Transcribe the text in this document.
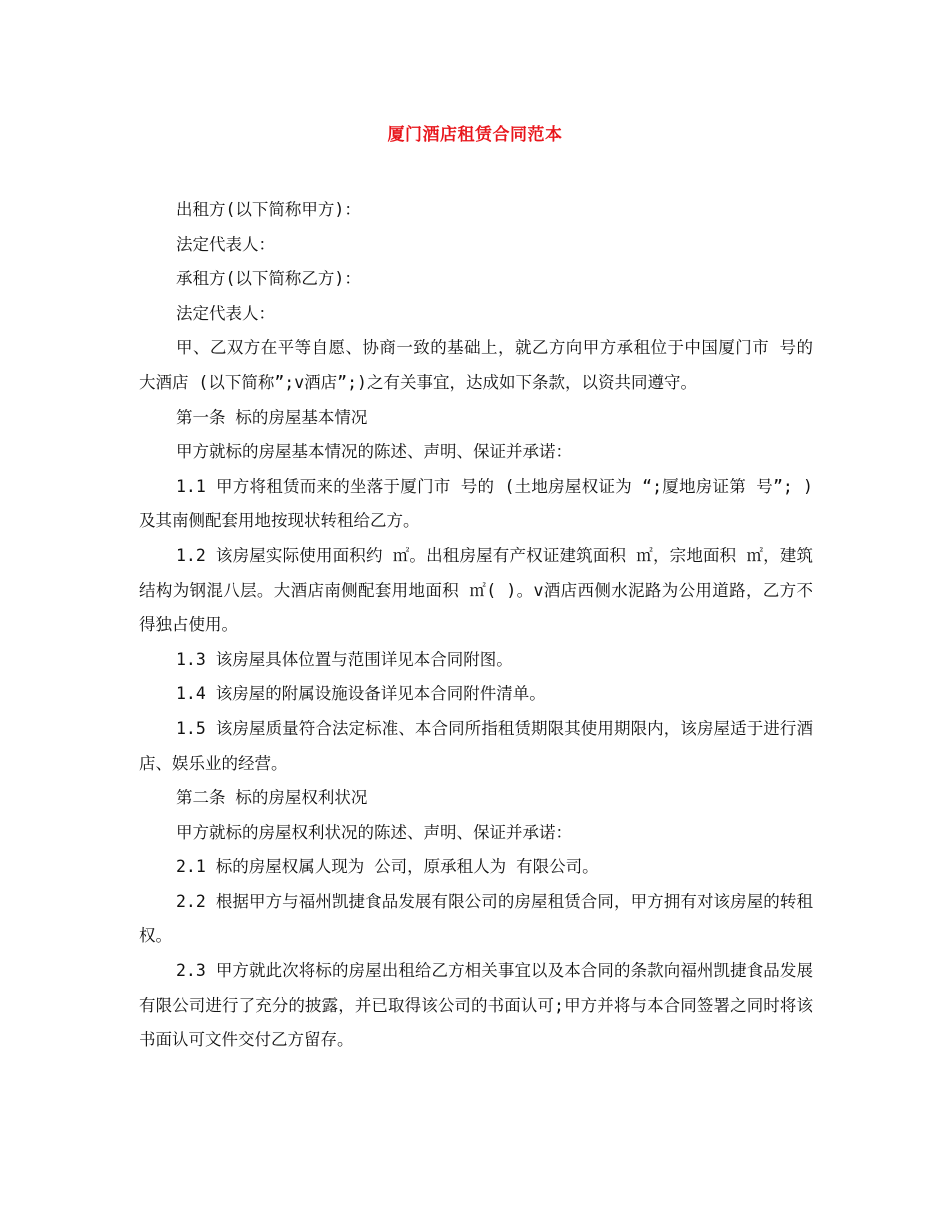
厦门酒店租赁合同范本

出租方(以下简称甲方)：

法定代表人：

承租方(以下简称乙方)：

法定代表人：

甲、乙双方在平等自愿、协商一致的基础上，就乙方向甲方承租位于中国厦门市 号的 大酒店 (以下简称”;v酒店”;)之有关事宜，达成如下条款，以资共同遵守。

第一条 标的房屋基本情况

甲方就标的房屋基本情况的陈述、声明、保证并承诺：

1.1 甲方将租赁而来的坐落于厦门市 号的 (土地房屋权证为 “;厦地房证第 号”; )及其南侧配套用地按现状转租给乙方。

1.2 该房屋实际使用面积约 ㎡。出租房屋有产权证建筑面积 ㎡，宗地面积 ㎡，建筑结构为钢混八层。大酒店南侧配套用地面积 ㎡( )。v酒店西侧水泥路为公用道路，乙方不得独占使用。

1.3 该房屋具体位置与范围详见本合同附图。

1.4 该房屋的附属设施设备详见本合同附件清单。

1.5 该房屋质量符合法定标准、本合同所指租赁期限其使用期限内，该房屋适于进行酒店、娱乐业的经营。

第二条 标的房屋权利状况

甲方就标的房屋权利状况的陈述、声明、保证并承诺：

2.1 标的房屋权属人现为 公司，原承租人为 有限公司。

2.2 根据甲方与福州凯捷食品发展有限公司的房屋租赁合同，甲方拥有对该房屋的转租权。

2.3 甲方就此次将标的房屋出租给乙方相关事宜以及本合同的条款向福州凯捷食品发展有限公司进行了充分的披露，并已取得该公司的书面认可;甲方并将与本合同签署之同时将该书面认可文件交付乙方留存。
